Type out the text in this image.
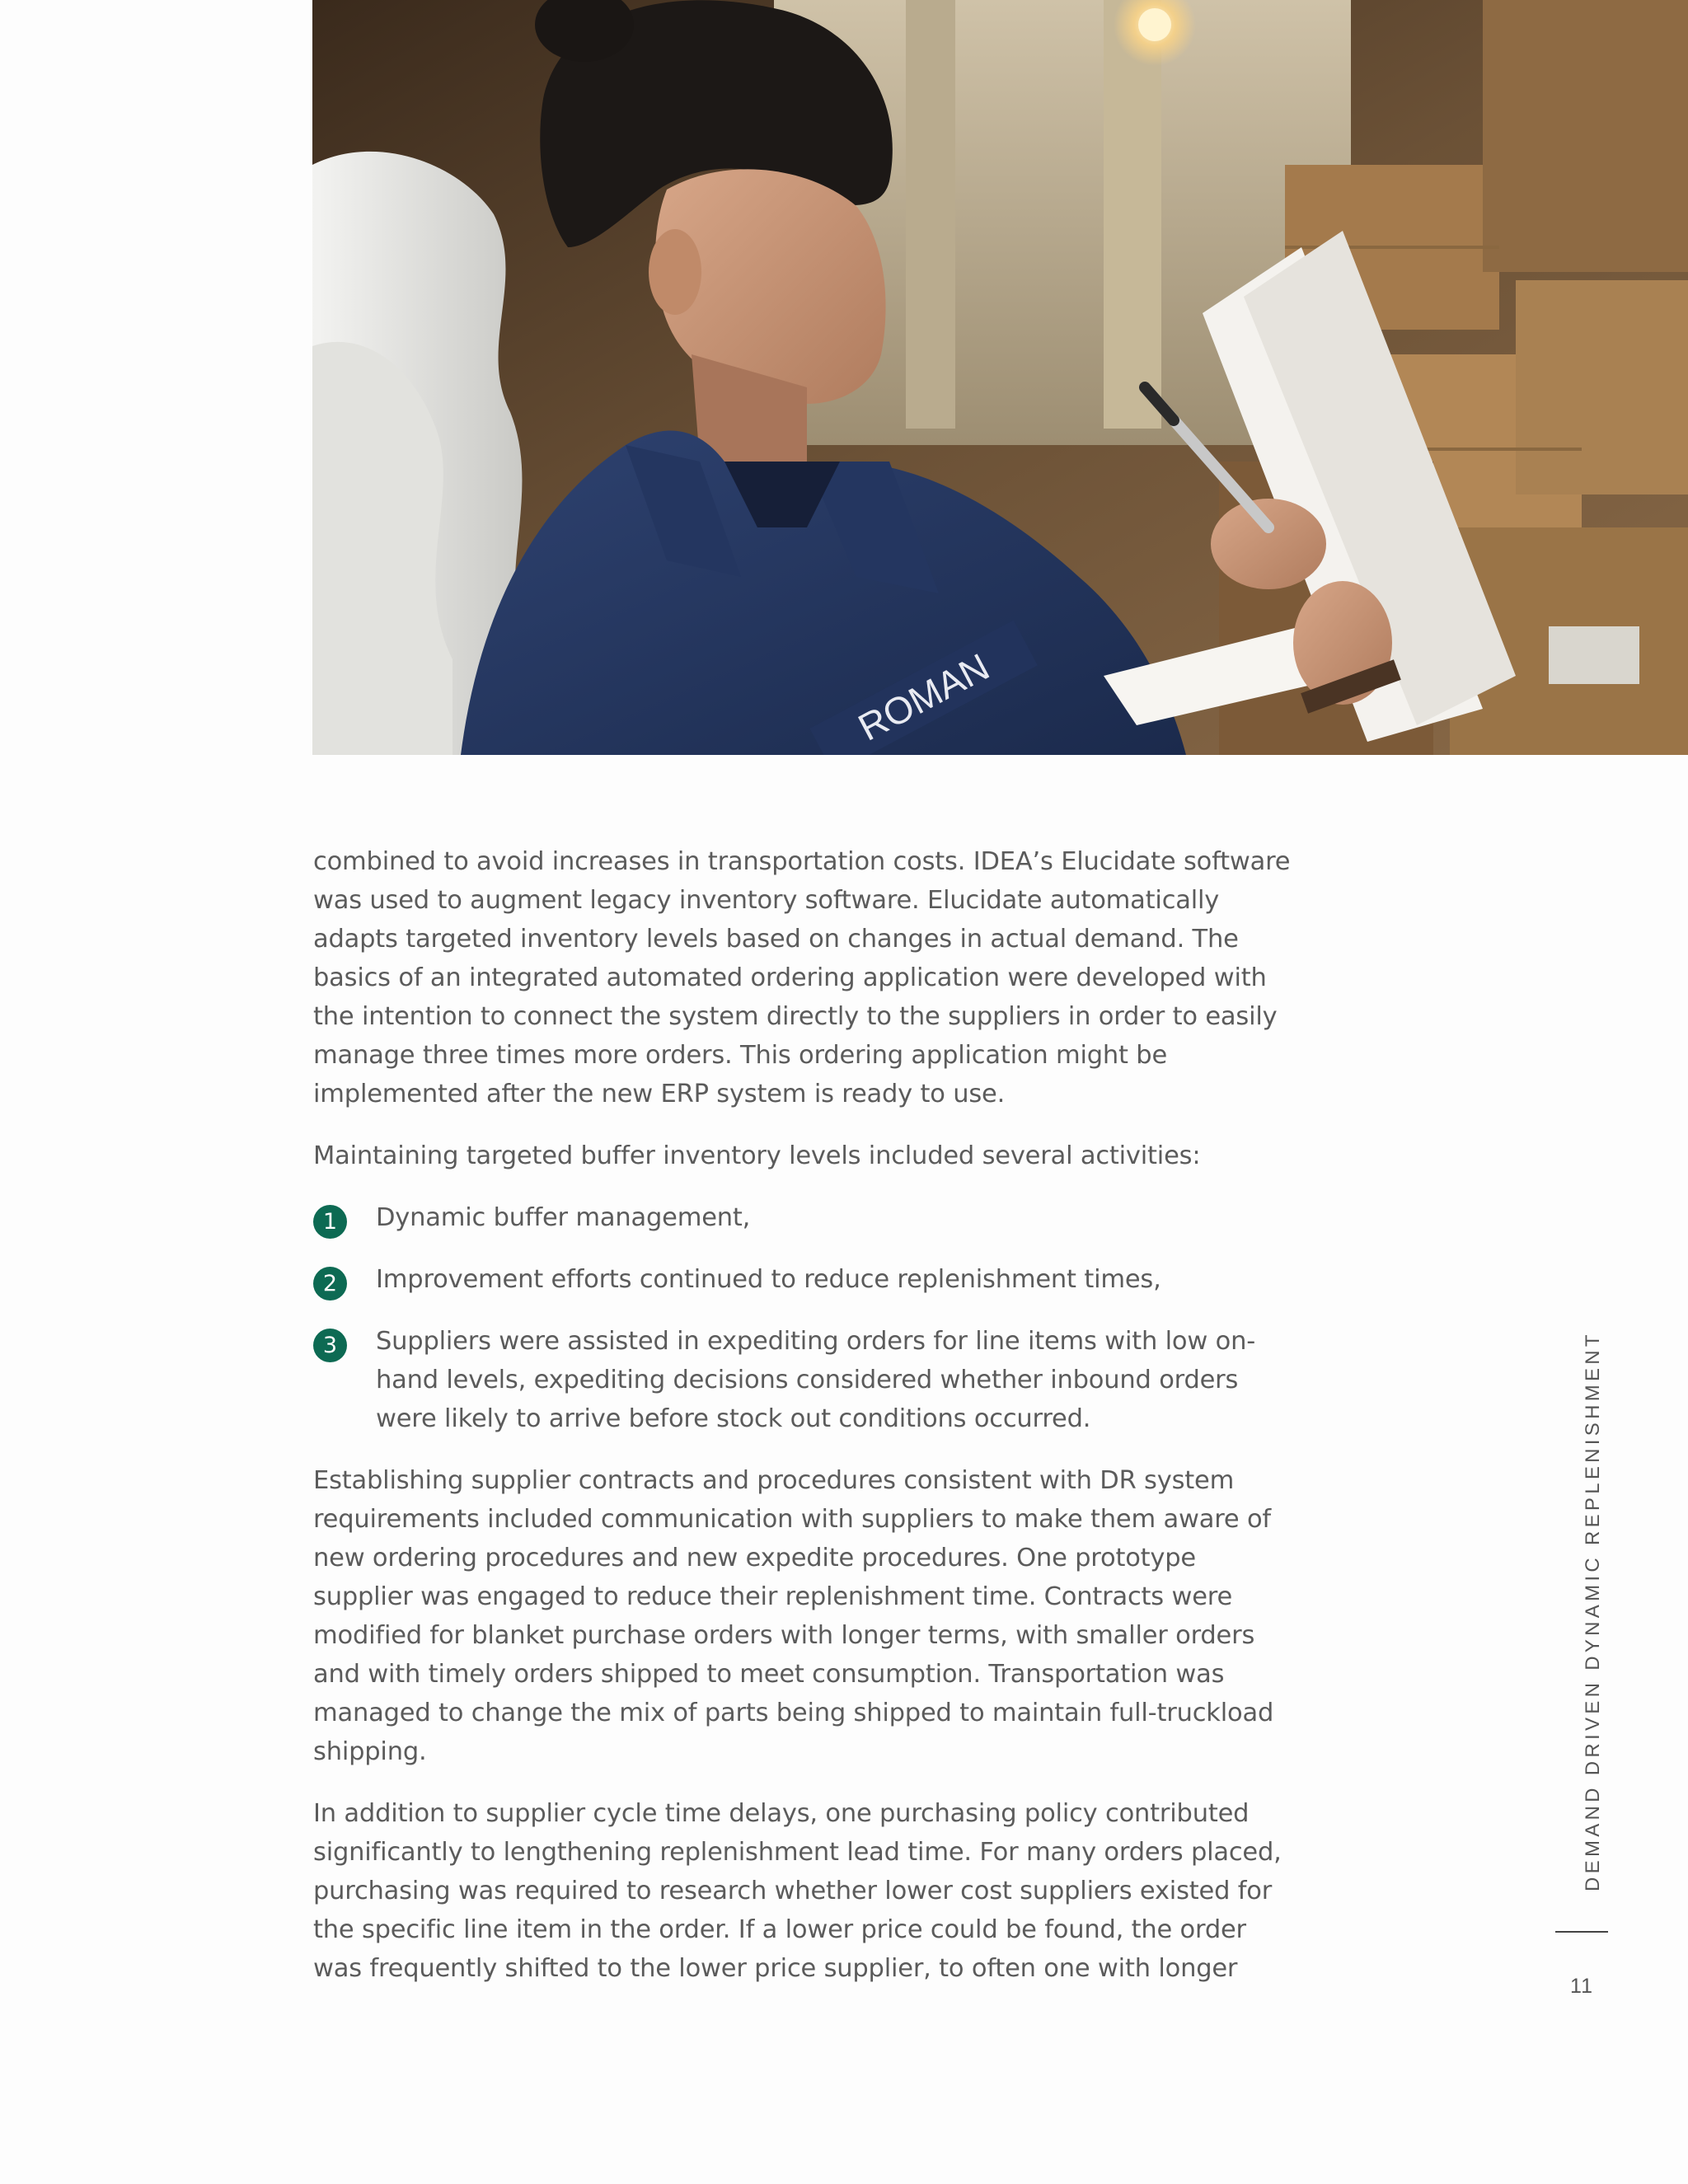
ROMAN

combined to avoid increases in transportation costs. IDEA’s Elucidate software was used to augment legacy inventory software. Elucidate automatically adapts targeted inventory levels based on changes in actual demand. The basics of an integrated automated ordering application were developed with the intention to connect the system directly to the suppliers in order to easily manage three times more orders. This ordering application might be implemented after the new ERP system is ready to use.

Maintaining targeted buffer inventory levels included several activities:

1	Dynamic buffer management,
2	Improvement efforts continued to reduce replenishment times,
3	Suppliers were assisted in expediting orders for line items with low on-hand levels, expediting decisions considered whether inbound orders were likely to arrive before stock out conditions occurred.

Establishing supplier contracts and procedures consistent with DR system requirements included communication with suppliers to make them aware of new ordering procedures and new expedite procedures. One prototype supplier was engaged to reduce their replenishment time. Contracts were modified for blanket purchase orders with longer terms, with smaller orders and with timely orders shipped to meet consumption. Transportation was managed to change the mix of parts being shipped to maintain full-truckload shipping.

In addition to supplier cycle time delays, one purchasing policy contributed significantly to lengthening replenishment lead time. For many orders placed, purchasing was required to research whether lower cost suppliers existed for the specific line item in the order. If a lower price could be found, the order was frequently shifted to the lower price supplier, to often one with longer

DEMAND DRIVEN DYNAMIC REPLENISHMENT
11
